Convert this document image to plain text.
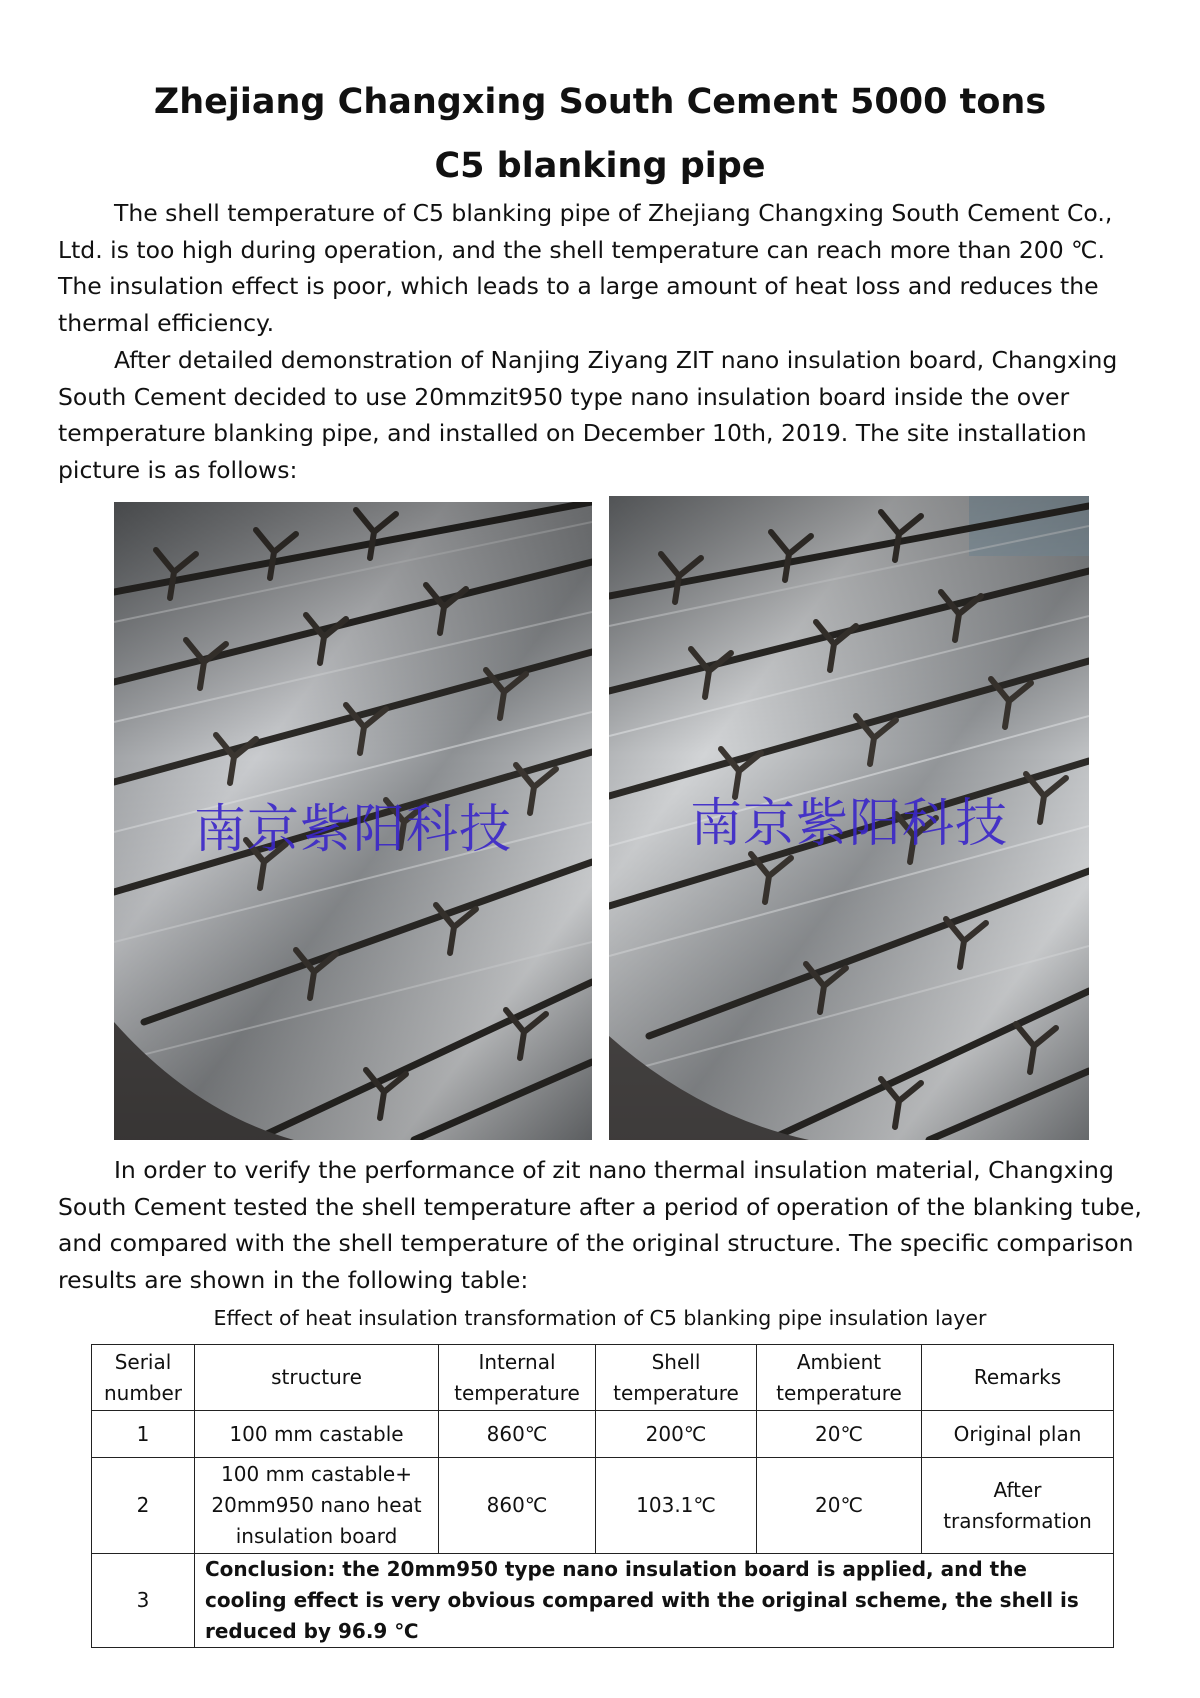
Zhejiang Changxing South Cement 5000 tons
C5 blanking pipe

The shell temperature of C5 blanking pipe of Zhejiang Changxing South Cement Co., Ltd. is too high during operation, and the shell temperature can reach more than 200 ℃. The insulation effect is poor, which leads to a large amount of heat loss and reduces the thermal efficiency.

After detailed demonstration of Nanjing Ziyang ZIT nano insulation board, Changxing South Cement decided to use 20mmzit950 type nano insulation board inside the over temperature blanking pipe, and installed on December 10th, 2019. The site installation picture is as follows:

南京紫阳科技	南京紫阳科技

In order to verify the performance of zit nano thermal insulation material, Changxing South Cement tested the shell temperature after a period of operation of the blanking tube, and compared with the shell temperature of the original structure. The specific comparison results are shown in the following table:

Effect of heat insulation transformation of C5 blanking pipe insulation layer

Serial number	structure	Internal temperature	Shell temperature	Ambient temperature	Remarks
1	100 mm castable	860℃	200℃	20℃	Original plan
2	100 mm castable+ 20mm950 nano heat insulation board	860℃	103.1℃	20℃	After transformation
3	Conclusion: the 20mm950 type nano insulation board is applied, and the cooling effect is very obvious compared with the original scheme, the shell is reduced by 96.9 ℃				
